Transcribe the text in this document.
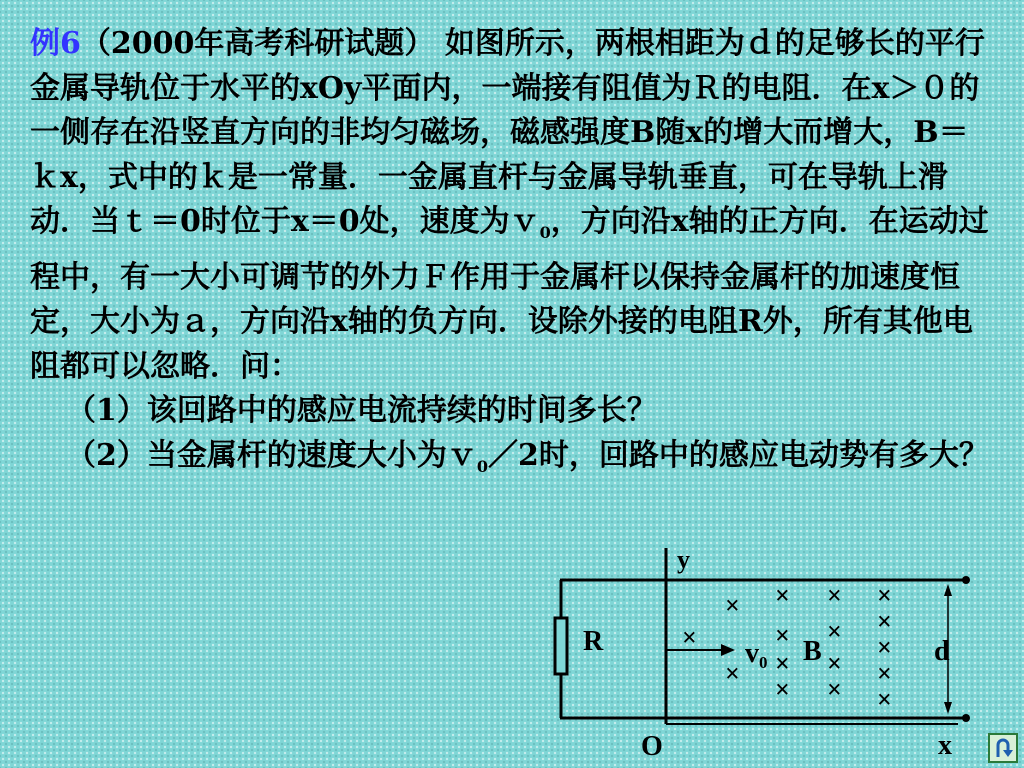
例6（2000年高考科研试题） 如图所示，两根相距为ｄ的足够长的平行金属导轨位于水平的xOy平面内，一端接有阻值为Ｒ的电阻．在x＞０的一侧存在沿竖直方向的非均匀磁场，磁感强度B随x的增大而增大，B＝ｋx，式中的ｋ是一常量．一金属直杆与金属导轨垂直，可在导轨上滑动．当ｔ＝0时位于x＝0处，速度为ｖ$_0$，方向沿x轴的正方向．在运动过程中，有一大小可调节的外力Ｆ作用于金属杆以保持金属杆的加速度恒定，大小为ａ，方向沿x轴的负方向．设除外接的电阻R外，所有其他电阻都可以忽略．问：

（1）该回路中的感应电流持续的时间多长？

（2）当金属杆的速度大小为ｖ$_0$／2时，回路中的感应电动势有多大？

y
O	x
R	$v_0$ B	d
× × × ×
× ×
×	×	×
× × × ×
× × ×
